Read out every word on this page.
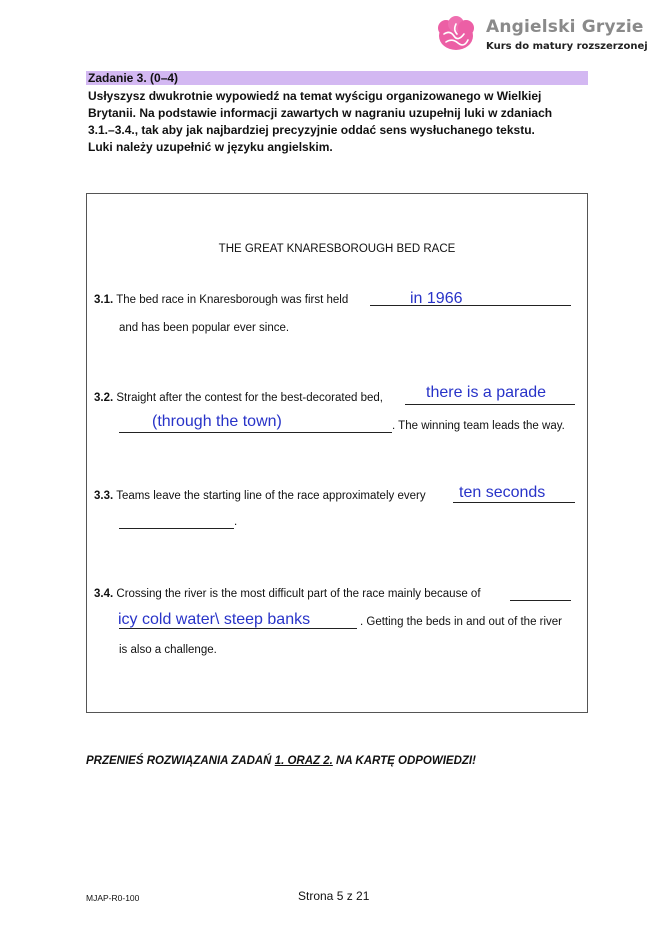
Angielski Gryzie
Kurs do matury rozszerzonej
Zadanie 3. (0–4)
Usłyszysz dwukrotnie wypowiedź na temat wyścigu organizowanego w Wielkiej
Brytanii. Na podstawie informacji zawartych w nagraniu uzupełnij luki w zdaniach
3.1.–3.4., tak aby jak najbardziej precyzyjnie oddać sens wysłuchanego tekstu.
Luki należy uzupełnić w języku angielskim.
THE GREAT KNARESBOROUGH BED RACE
3.1. The bed race in Knaresborough was first held	in 1966
and has been popular ever since.
3.2. Straight after the contest for the best-decorated bed,	there is a parade
(through the town)	. The winning team leads the way.
3.3. Teams leave the starting line of the race approximately every ten seconds
.
3.4. Crossing the river is the most difficult part of the race mainly because of
icy cold water\ steep banks	. Getting the beds in and out of the river
is also a challenge.
PRZENIEŚ ROZWIĄZANIA ZADAŃ 1. ORAZ 2. NA KARTĘ ODPOWIEDZI!
MJAP-R0-100	Strona 5 z 21
